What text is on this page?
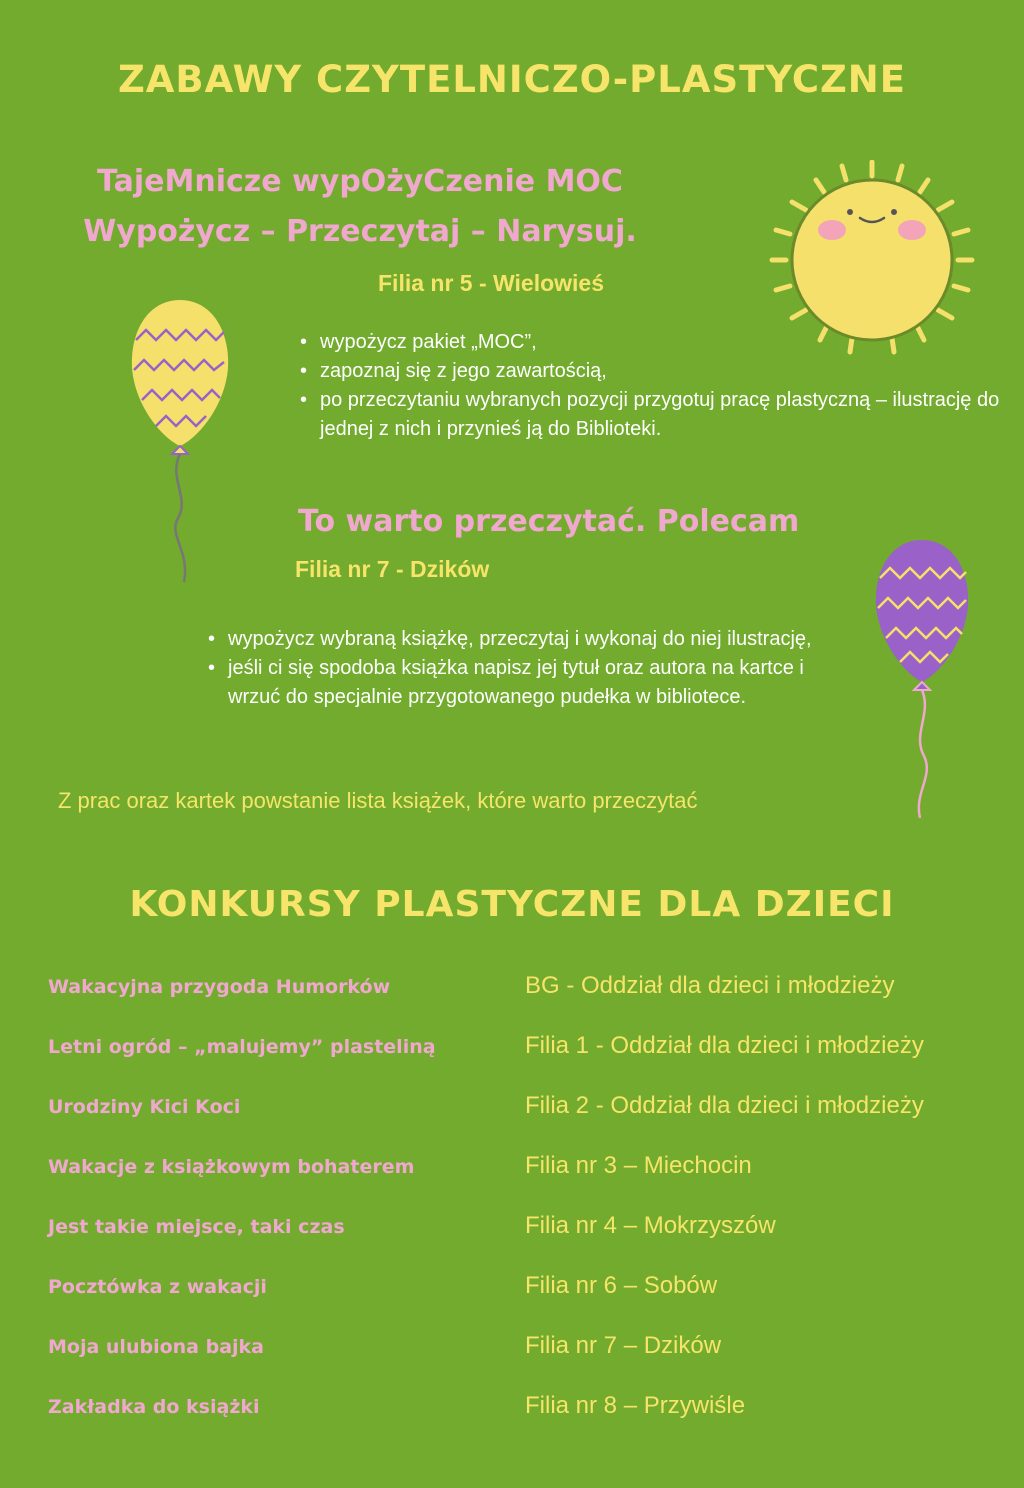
ZABAWY CZYTELNICZO-PLASTYCZNE
TajeMnicze wypOżyCzenie MOC
Wypożycz – Przeczytaj – Narysuj.
Filia nr 5 - Wielowieś
• wypożycz pakiet „MOC”,
• zapoznaj się z jego zawartością,
• po przeczytaniu wybranych pozycji przygotuj pracę plastyczną – ilustrację do jednej z nich i przynieś ją do Biblioteki.
To warto przeczytać. Polecam
Filia nr 7 - Dzików
• wypożycz wybraną książkę, przeczytaj i wykonaj do niej ilustrację,
• jeśli ci się spodoba książka napisz jej tytuł oraz autora na kartce i wrzuć do specjalnie przygotowanego pudełka w bibliotece.
Z prac oraz kartek powstanie lista książek, które warto przeczytać
KONKURSY PLASTYCZNE DLA DZIECI
Wakacyjna przygoda Humorków
Letni ogród – „malujemy” plasteliną
Urodziny Kici Koci
Wakacje z książkowym bohaterem
Jest takie miejsce, taki czas
Pocztówka z wakacji
Moja ulubiona bajka
Zakładka do książki
BG - Oddział dla dzieci i młodzieży
Filia 1 - Oddział dla dzieci i młodzieży
Filia 2 - Oddział dla dzieci i młodzieży
Filia nr 3 – Miechocin
Filia nr 4 – Mokrzyszów
Filia nr 6 – Sobów
Filia nr 7 – Dzików
Filia nr 8 – Przywiśle
